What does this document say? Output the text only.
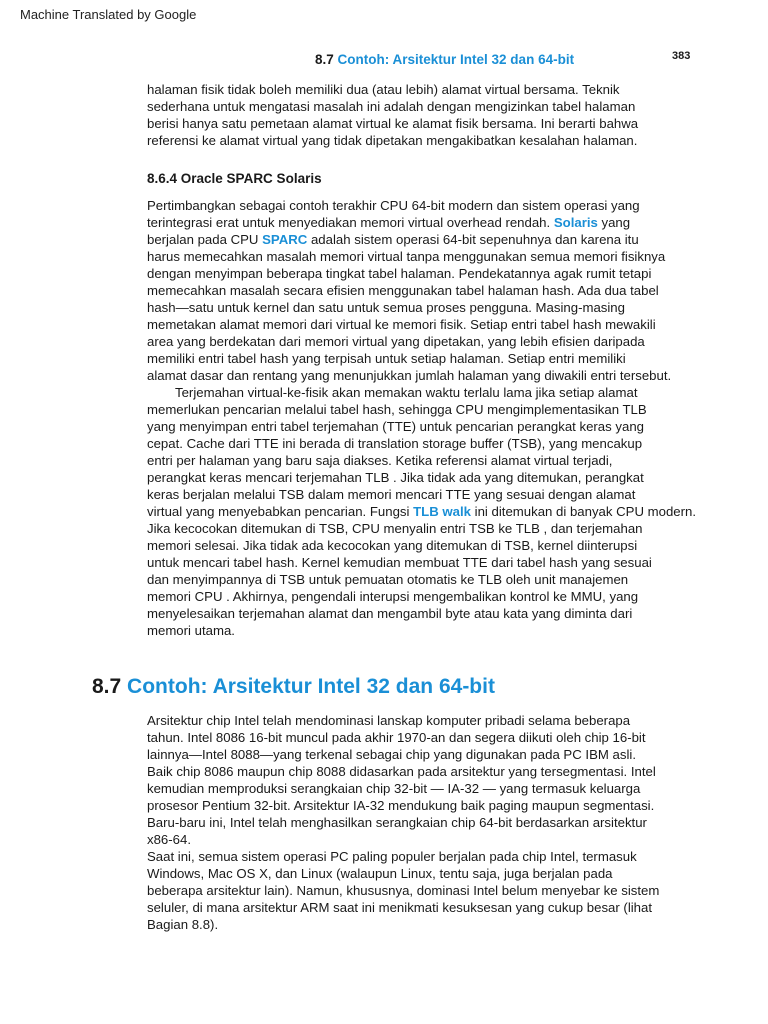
Machine Translated by Google
8.7 Contoh: Arsitektur Intel 32 dan 64-bit	383
halaman fisik tidak boleh memiliki dua (atau lebih) alamat virtual bersama. Teknik
sederhana untuk mengatasi masalah ini adalah dengan mengizinkan tabel halaman
berisi hanya satu pemetaan alamat virtual ke alamat fisik bersama. Ini berarti bahwa
referensi ke alamat virtual yang tidak dipetakan mengakibatkan kesalahan halaman.
8.6.4 Oracle SPARC Solaris
Pertimbangkan sebagai contoh terakhir CPU 64-bit modern dan sistem operasi yang
terintegrasi erat untuk menyediakan memori virtual overhead rendah. Solaris yang
berjalan pada CPU SPARC adalah sistem operasi 64-bit sepenuhnya dan karena itu
harus memecahkan masalah memori virtual tanpa menggunakan semua memori fisiknya
dengan menyimpan beberapa tingkat tabel halaman. Pendekatannya agak rumit tetapi
memecahkan masalah secara efisien menggunakan tabel halaman hash. Ada dua tabel
hash—satu untuk kernel dan satu untuk semua proses pengguna. Masing-masing
memetakan alamat memori dari virtual ke memori fisik. Setiap entri tabel hash mewakili
area yang berdekatan dari memori virtual yang dipetakan, yang lebih efisien daripada
memiliki entri tabel hash yang terpisah untuk setiap halaman. Setiap entri memiliki
alamat dasar dan rentang yang menunjukkan jumlah halaman yang diwakili entri tersebut.
Terjemahan virtual-ke-fisik akan memakan waktu terlalu lama jika setiap alamat
memerlukan pencarian melalui tabel hash, sehingga CPU mengimplementasikan TLB
yang menyimpan entri tabel terjemahan (TTE) untuk pencarian perangkat keras yang
cepat. Cache dari TTE ini berada di translation storage buffer (TSB), yang mencakup
entri per halaman yang baru saja diakses. Ketika referensi alamat virtual terjadi,
perangkat keras mencari terjemahan TLB . Jika tidak ada yang ditemukan, perangkat
keras berjalan melalui TSB dalam memori mencari TTE yang sesuai dengan alamat
virtual yang menyebabkan pencarian. Fungsi TLB walk ini ditemukan di banyak CPU modern.
Jika kecocokan ditemukan di TSB, CPU menyalin entri TSB ke TLB , dan terjemahan
memori selesai. Jika tidak ada kecocokan yang ditemukan di TSB, kernel diinterupsi
untuk mencari tabel hash. Kernel kemudian membuat TTE dari tabel hash yang sesuai
dan menyimpannya di TSB untuk pemuatan otomatis ke TLB oleh unit manajemen
memori CPU . Akhirnya, pengendali interupsi mengembalikan kontrol ke MMU, yang
menyelesaikan terjemahan alamat dan mengambil byte atau kata yang diminta dari
memori utama.
8.7 Contoh: Arsitektur Intel 32 dan 64-bit
Arsitektur chip Intel telah mendominasi lanskap komputer pribadi selama beberapa
tahun. Intel 8086 16-bit muncul pada akhir 1970-an dan segera diikuti oleh chip 16-bit
lainnya—Intel 8088—yang terkenal sebagai chip yang digunakan pada PC IBM asli.
Baik chip 8086 maupun chip 8088 didasarkan pada arsitektur yang tersegmentasi. Intel
kemudian memproduksi serangkaian chip 32-bit — IA-32 — yang termasuk keluarga
prosesor Pentium 32-bit. Arsitektur IA-32 mendukung baik paging maupun segmentasi.
Baru-baru ini, Intel telah menghasilkan serangkaian chip 64-bit berdasarkan arsitektur
x86-64.
Saat ini, semua sistem operasi PC paling populer berjalan pada chip Intel, termasuk
Windows, Mac OS X, dan Linux (walaupun Linux, tentu saja, juga berjalan pada
beberapa arsitektur lain). Namun, khususnya, dominasi Intel belum menyebar ke sistem
seluler, di mana arsitektur ARM saat ini menikmati kesuksesan yang cukup besar (lihat
Bagian 8.8).
